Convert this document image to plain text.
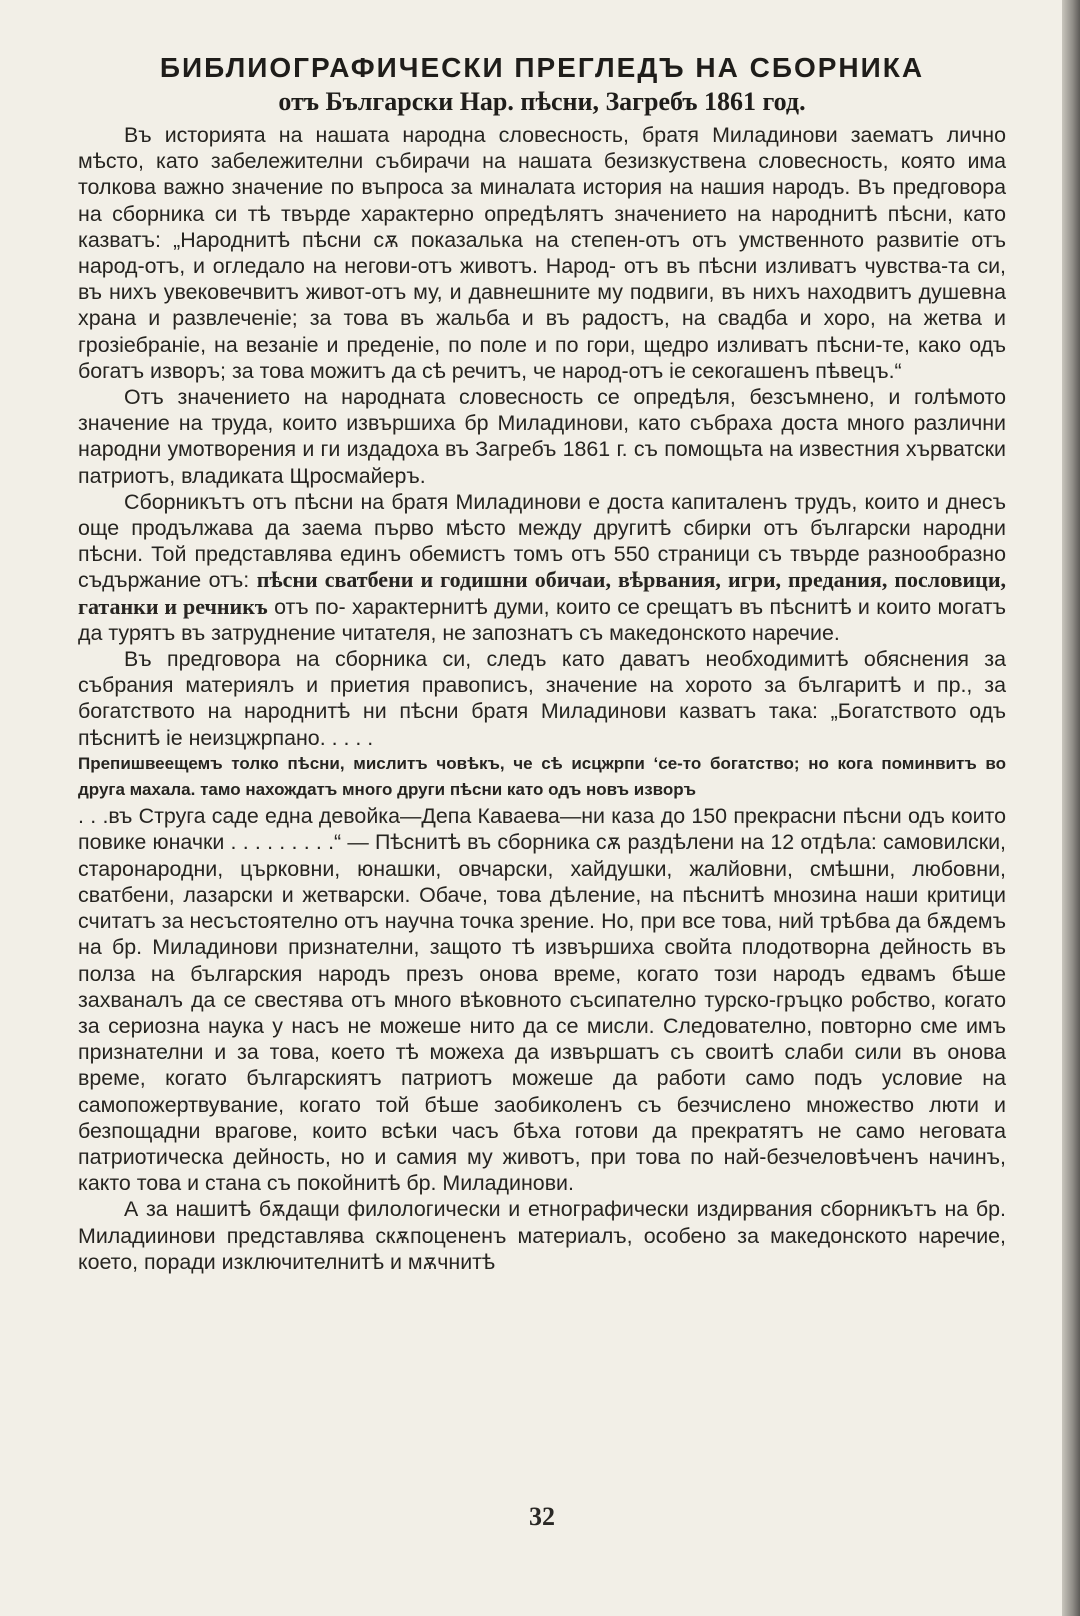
БИБЛИОГРАФИЧЕСКИ ПРЕГЛЕДЪ НА СБОРНИКА
отъ Български Нар. пѣсни, Загребъ 1861 год.

Въ историята на нашата народна словесность, братя Миладинови заематъ лично мѣсто, като забележителни събирачи на нашата безизкуствена словесность, която има толкова важно значение по въпроса за миналата история на нашия народъ. Въ предговора на сборника си тѣ твърде характерно опредѣлятъ значението на народнитѣ пѣсни, като казватъ: „Народнитѣ пѣсни сѫ показалька на степен-отъ отъ умственното развитіе отъ народ-отъ, и огледало на негови-отъ животъ. Народ- отъ въ пѣсни изливатъ чувства-та си, въ нихъ увековечвитъ живот-отъ му, и давнешните му подвиги, въ нихъ находвитъ душевна храна и развлеченіе; за това въ жальба и въ радостъ, на свадба и хоро, на жетва и грозіебраніе, на везаніе и преденіе, по поле и по гори, щедро изливатъ пѣсни-те, како одъ богатъ изворъ; за това можитъ да сѣ речитъ, че народ-отъ іе секогашенъ пѣвецъ.“

Отъ значението на народната словесность се опредѣля, безсъмнено, и голѣмото значение на труда, които извършиха бр Миладинови, като събраха доста много различни народни умотворения и ги издадоха въ Загребъ 1861 г. съ помощьта на известния хърватски патриотъ, владиката Щросмайеръ.

Сборникътъ отъ пѣсни на братя Миладинови е доста капиталенъ трудъ, които и днесъ още продължава да заема първо мѣсто между другитѣ сбирки отъ български народни пѣсни. Той представлява единъ обемистъ томъ отъ 550 страници съ твърде разнообразно съдържание отъ: пѣсни сватбени и годишни обичаи, вѣрвания, игри, предания, пословици, гатанки и речникъ отъ по- характернитѣ думи, които се срещатъ въ пѣснитѣ и които могатъ да турятъ въ затруднение читателя, не запознатъ съ македонското наречие.

Въ предговора на сборника си, следъ като даватъ необходимитѣ обяснения за събрания материялъ и приетия правописъ, значение на хорото за българитѣ и пр., за богатството на народнитѣ ни пѣсни братя Миладинови казватъ така: „Богатството одъ пѣснитѣ іе неизцжрпано. . . . .

Препишвеещемъ толко пѣсни, мислитъ човѣкъ, че сѣ исцжрпи ‘се-то богатство; но кога поминвитъ во друга махала. тамо нахождатъ много други пѣсни като одъ новъ изворъ

. . .въ Струга саде една девойка—Депа Каваева—ни каза до 150 прекрасни пѣсни одъ които повике юначки . . . . . . . . .“ — Пѣснитѣ въ сборника сѫ раздѣлени на 12 отдѣла: самовилски, старонародни, църковни, юнашки, овчарски, хайдушки, жалйовни, смѣшни, любовни, сватбени, лазарски и жетварски. Обаче, това дѣление, на пѣснитѣ мнозина наши критици считатъ за несъстоятелно отъ научна точка зрение. Но, при все това, ний трѣбва да бѫдемъ на бр. Миладинови признателни, защото тѣ извършиха свойта плодотворна дейность въ полза на българския народъ презъ онова време, когато този народъ едвамъ бѣше захваналъ да се свестява отъ много вѣковното съсипателно турско-гръцко робство, когато за сериозна наука у насъ не можеше нито да се мисли. Следователно, повторно сме имъ признателни и за това, което тѣ можеха да извършатъ съ своитѣ слаби сили въ онова време, когато българскиятъ патриотъ можеше да работи само подъ условие на самопожертвувание, когато той бѣше заобиколенъ съ безчислено множество люти и безпощадни врагове, които всѣки часъ бѣха готови да прекратятъ не само неговата патриотическа дейность, но и самия му животъ, при това по най-безчеловѣченъ начинъ, както това и стана съ покойнитѣ бр. Миладинови.

А за нашитѣ бѫдащи филологически и етнографически издирвания сборникътъ на бр. Миладиинови представлява скѫпоцененъ материалъ, особено за македонското наречие, което, поради изключителнитѣ и мѫчнитѣ

32
